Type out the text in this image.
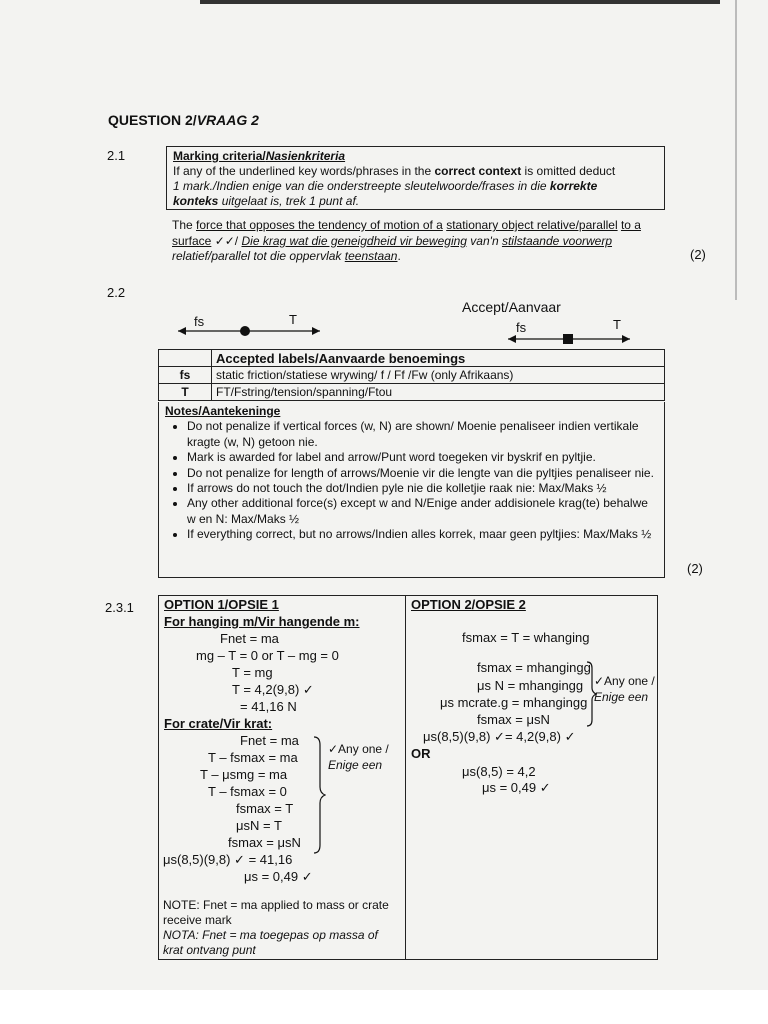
QUESTION 2/VRAAG 2
2.1	Marking criteria/Nasienkriteria
If any of the underlined key words/phrases in the correct context is omitted deduct
1 mark./Indien enige van die onderstreepte sleutelwoorde/frases in die korrekte
konteks uitgelaat is, trek 1 punt af.
The force that opposes the tendency of motion of a stationary object relative/parallel to a surface ✓✓/ Die krag wat die geneigdheid vir beweging van'n stilstaande voorwerp relatief/parallel tot die oppervlak teenstaan.	(2)
2.2
fs	T
Accept/Aanvaar
fs	T
	Accepted labels/Aanvaarde benoemings
fs	static friction/statiese wrywing/ f / Ff /Fw (only Afrikaans)
T	FT/Fstring/tension/spanning/Ftou
Notes/Aantekeninge
• Do not penalize if vertical forces (w, N) are shown/ Moenie penaliseer indien vertikale kragte (w, N) getoon nie.
• Mark is awarded for label and arrow/Punt word toegeken vir byskrif en pyltjie.
• Do not penalize for length of arrows/Moenie vir die lengte van die pyltjies penaliseer nie.
• If arrows do not touch the dot/Indien pyle nie die kolletjie raak nie: Max/Maks ½
• Any other additional force(s) except w and N/Enige ander addisionele krag(te) behalwe w en N: Max/Maks ½
• If everything correct, but no arrows/Indien alles korrek, maar geen pyltjies: Max/Maks ½
(2)
2.3.1 OPTION 1/OPSIE 1
For hanging m/Vir hangende m:
Fnet = ma
mg – T = 0 or T – mg = 0
T = mg
T = 4,2(9,8) ✓
= 41,16 N
For crate/Vir krat:
Fnet = ma
T – fsmax = ma
T – μsmg = ma
T – fsmax = 0
fsmax = T
μsN = T
fsmax = μsN
μs(8,5)(9,8) ✓ = 41,16
μs = 0,49 ✓
✓Any one /
Enige een
NOTE: Fnet = ma applied to mass or crate receive mark
NOTA: Fnet = ma toegepas op massa of krat ontvang punt
OPTION 2/OPSIE 2
fsmax = T = whanging
fsmax = mhangingg
μs N = mhangingg
μs mcrate.g = mhangingg
fsmax = μsN
μs(8,5)(9,8) ✓= 4,2(9,8) ✓
OR
μs(8,5) = 4,2
μs = 0,49 ✓
✓Any one /
Enige een
